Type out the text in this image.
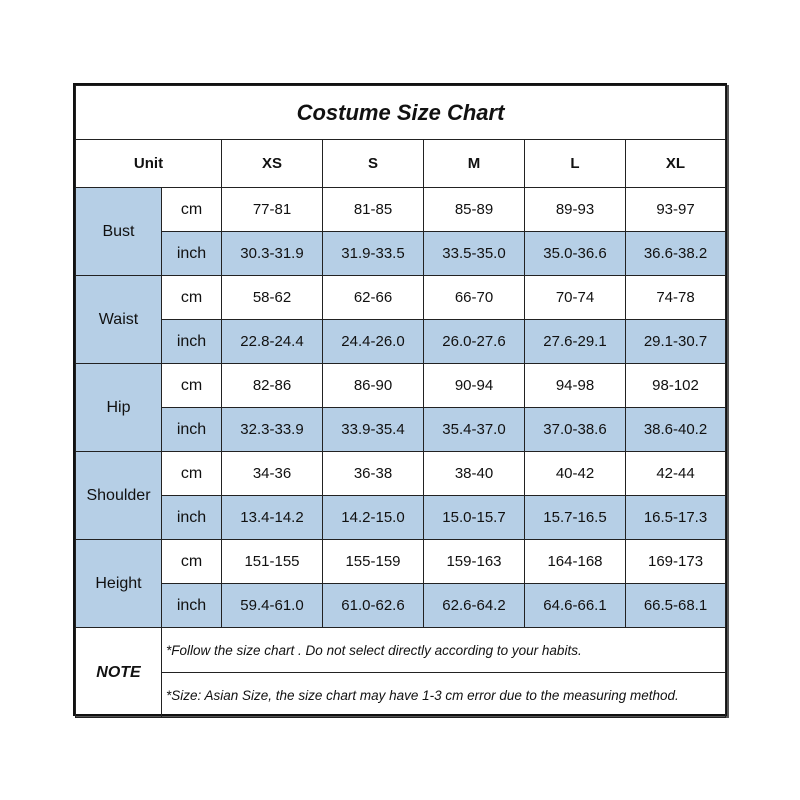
Costume Size Chart						
Unit		XS	S	M	L	XL
Bust	cm	77-81	81-85	85-89	89-93	93-97
	inch	30.3-31.9	31.9-33.5	33.5-35.0	35.0-36.6	36.6-38.2
Waist	cm	58-62	62-66	66-70	70-74	74-78
	inch	22.8-24.4	24.4-26.0	26.0-27.6	27.6-29.1	29.1-30.7
Hip	cm	82-86	86-90	90-94	94-98	98-102
	inch	32.3-33.9	33.9-35.4	35.4-37.0	37.0-38.6	38.6-40.2
Shoulder	cm	34-36	36-38	38-40	40-42	42-44
	inch	13.4-14.2	14.2-15.0	15.0-15.7	15.7-16.5	16.5-17.3
Height	cm	151-155	155-159	159-163	164-168	169-173
	inch	59.4-61.0	61.0-62.6	62.6-64.2	64.6-66.1	66.5-68.1
NOTE	*Follow the size chart . Do not select directly according to your habits.					
	*Size: Asian Size, the size chart may have 1-3 cm error due to the measuring method.					
